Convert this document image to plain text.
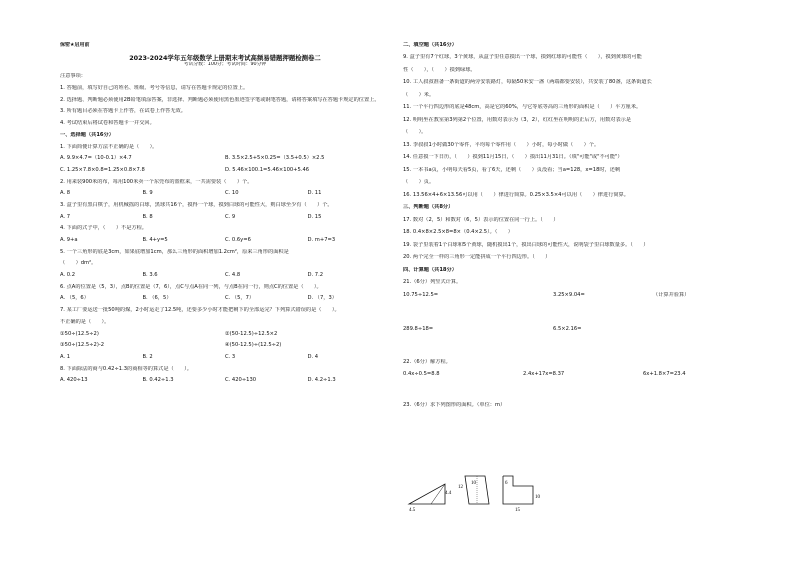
保密★启用前
2023-2024学年五年级数学上册期末考试高频易错题押题检测卷二
考试分数：100分；考试时间：90分钟
注意事项：
1. 答题前，填写好自己的姓名、班级、考号等信息，请写在答题卡规定的位置上。
2. 选择题、判断题必须使用2B铅笔填涂答案，非选择、判断题必须使用黑色墨迹签字笔或钢笔答题，请将答案填写在答题卡规定的位置上。
3. 所有题目必须在答题卡上作答，在试卷上作答无效。
4. 考试结束后将试卷和答题卡一并交回。
一、选择题（共16分）
1. 下面简便计算方法不正确的是（　　）。
A. 9.9×4.7=（10-0.1）×4.7	B. 3.5×2.5+5×0.25=（3.5+0.5）×2.5
C. 1.25×7.8×0.8=1.25×0.8×7.8	D. 5.46×100.1=5.46×100+5.46
2. 用来装900米的布，每用100米卖一个东莞布的篮框来，一共需要装（　　）个。
A. 8	B. 9	C. 10	D. 11
3. 盒子里有黑白棋子，用机械摇的白球，黑球共16个，摸得一个球，摸到白球的可能性大，则白球至少有（　　）个。
A. 7	B. 8	C. 9	D. 15
4. 下面的式子中，（　　）不是方程。
A. 9+a	B. 4+y=5	C. 0.6y=6	D. m+7=3
5. 一个三角形的底是3cm，如果底增加1cm，那么三角形的面积增加1.2cm²，原来三角形的面积是
（　　）dm²。
A. 0.2	B. 3.6	C. 4.8	D. 7.2
6. 点A的位置是（5，3），点B的位置是（7，6），点C与点A在同一列，与点B在同一行，则点C的位置是（　　）。
A. （5，6）	B. （6，5）	C. （5，7）	D. （7，3）
7. 某工厂要运送一批50吨的煤，2小时运走了12.5吨，还要多少小时才能把剩下的全部运完？下列算式错误的是（　　）。
不正确的是（　　）。
①50÷(12.5÷2)	②(50-12.5)÷12.5×2
③50÷(12.5÷2)-2	④(50-12.5)÷(12.5÷2)
A. 1	B. 2	C. 3	D. 4
8. 下面除法的商与0.42÷1.3的商相等的算式是（　　）。
A. 420÷13	B. 0.42÷1.3	C. 420÷130	D. 4.2÷1.3
二、填空题（共16分）
9. 盒子里有7个红球，3个黄球，从盒子里任意摸出一个球，摸到红球的可能性（　　），摸到黄球的可能
性（　　），（　　）摸到绿球。
10. 工人叔叔准备一条街道的两旁安装路灯，每隔50米安一盏（两端都要安装），共安装了80盏，这条街道长
（　　）米。
11. 一个平行四边形的底是48cm，高是它的60%，与它等底等高的三角形的面积是（　　）平方厘米。
12. 明明坐在教室第3列第2个位置，用数对表示为（3，2），红红坐在明明的正后方，用数对表示是
（　　）。
13. 李叔叔1小时做30个零件，平均每个零件用（　　）小时，每小时做（　　）个。
14. 任意摸一下日历，（　　）摸到11月15日，（　　）摸出11月31日。（填"可能"或"不可能"）
15. 一本书a页，小明每天看5页，看了6天，还剩（　　）页没看；当a=128，x=18时，还剩
（　　）页。
16. 13.56×4+6×13.56可以用（　　）律进行简算。0.25×3.5×4可以用（　　）律进行简算。
三、判断题（共8分）
17. 数对（2，5）和数对（6，5）表示的位置在同一行上。（　　）
18. 0.4×8×2.5×8=8×（0.4×2.5）。（　　）
19. 袋子里装着1个白球和5个黄球，随机摸出1个，摸出白球的可能性大，说明袋子里白球数量多。（　　）
20. 两个完全一样的三角形一定能拼成一个平行四边形。（　　）
四、计算题（共18分）
21.（6分）列竖式计算。
10.75÷12.5=	3.25×9.04=	（计算并验算）
289.8÷18=	6.5×2.16=
22.（6分）解方程。
0.4x÷0.5=8.8	2.4x+17x=8.37	6x+1.8×7=23.4
23.（6分）求下列图形的面积。（单位：m）
4.4
4.5
12
10	6
10
15
